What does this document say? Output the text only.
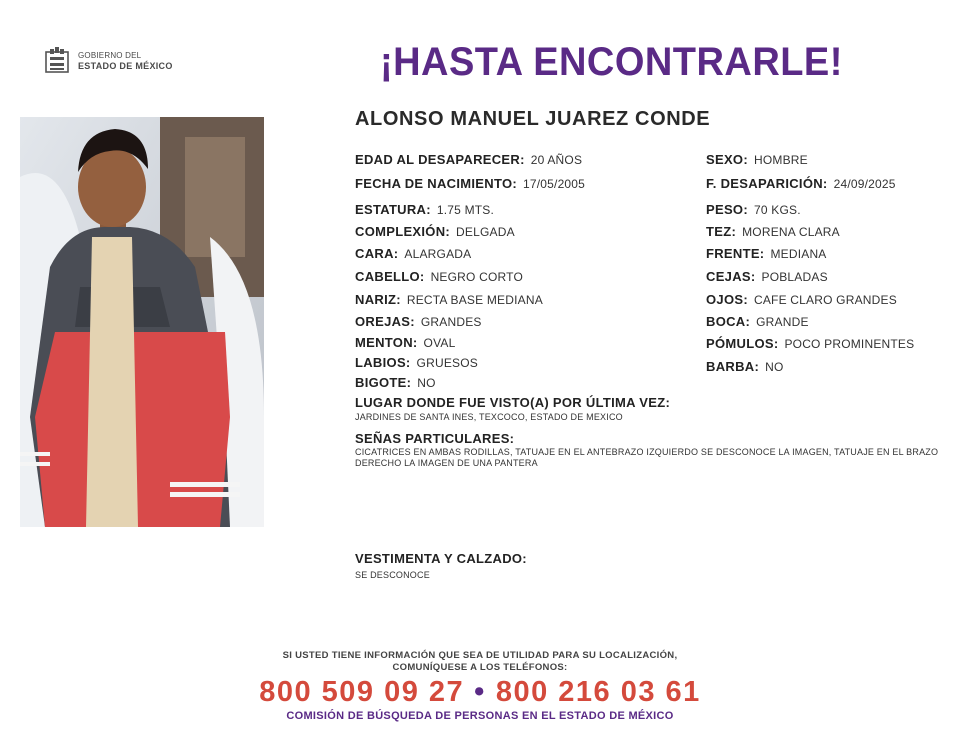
GOBIERNO DEL
ESTADO DE MÉXICO	¡HASTA ENCONTRARLE!
ALONSO MANUEL JUAREZ CONDE
EDAD AL DESAPARECER: 20 AÑOS
FECHA DE NACIMIENTO: 17/05/2005
ESTATURA: 1.75 MTS.
COMPLEXIÓN: DELGADA
CARA: ALARGADA
CABELLO: NEGRO CORTO
NARIZ: RECTA BASE MEDIANA
OREJAS: GRANDES
MENTON: OVAL
LABIOS: GRUESOS
BIGOTE: NO
SEXO: HOMBRE
F. DESAPARICIÓN: 24/09/2025
PESO: 70 KGS.
TEZ: MORENA CLARA
FRENTE: MEDIANA
CEJAS: POBLADAS
OJOS: CAFE CLARO GRANDES
BOCA: GRANDE
PÓMULOS: POCO PROMINENTES
BARBA: NO
LUGAR DONDE FUE VISTO(A) POR ÚLTIMA VEZ:
JARDINES DE SANTA INES, TEXCOCO, ESTADO DE MEXICO
SEÑAS PARTICULARES:
CICATRICES EN AMBAS RODILLAS, TATUAJE EN EL ANTEBRAZO IZQUIERDO SE DESCONOCE LA IMAGEN, TATUAJE EN EL BRAZO DERECHO LA IMAGEN DE UNA PANTERA
VESTIMENTA Y CALZADO:
SE DESCONOCE
SI USTED TIENE INFORMACIÓN QUE SEA DE UTILIDAD PARA SU LOCALIZACIÓN,
COMUNÍQUESE A LOS TELÉFONOS:
800 509 09 27 • 800 216 03 61
COMISIÓN DE BÚSQUEDA DE PERSONAS EN EL ESTADO DE MÉXICO
